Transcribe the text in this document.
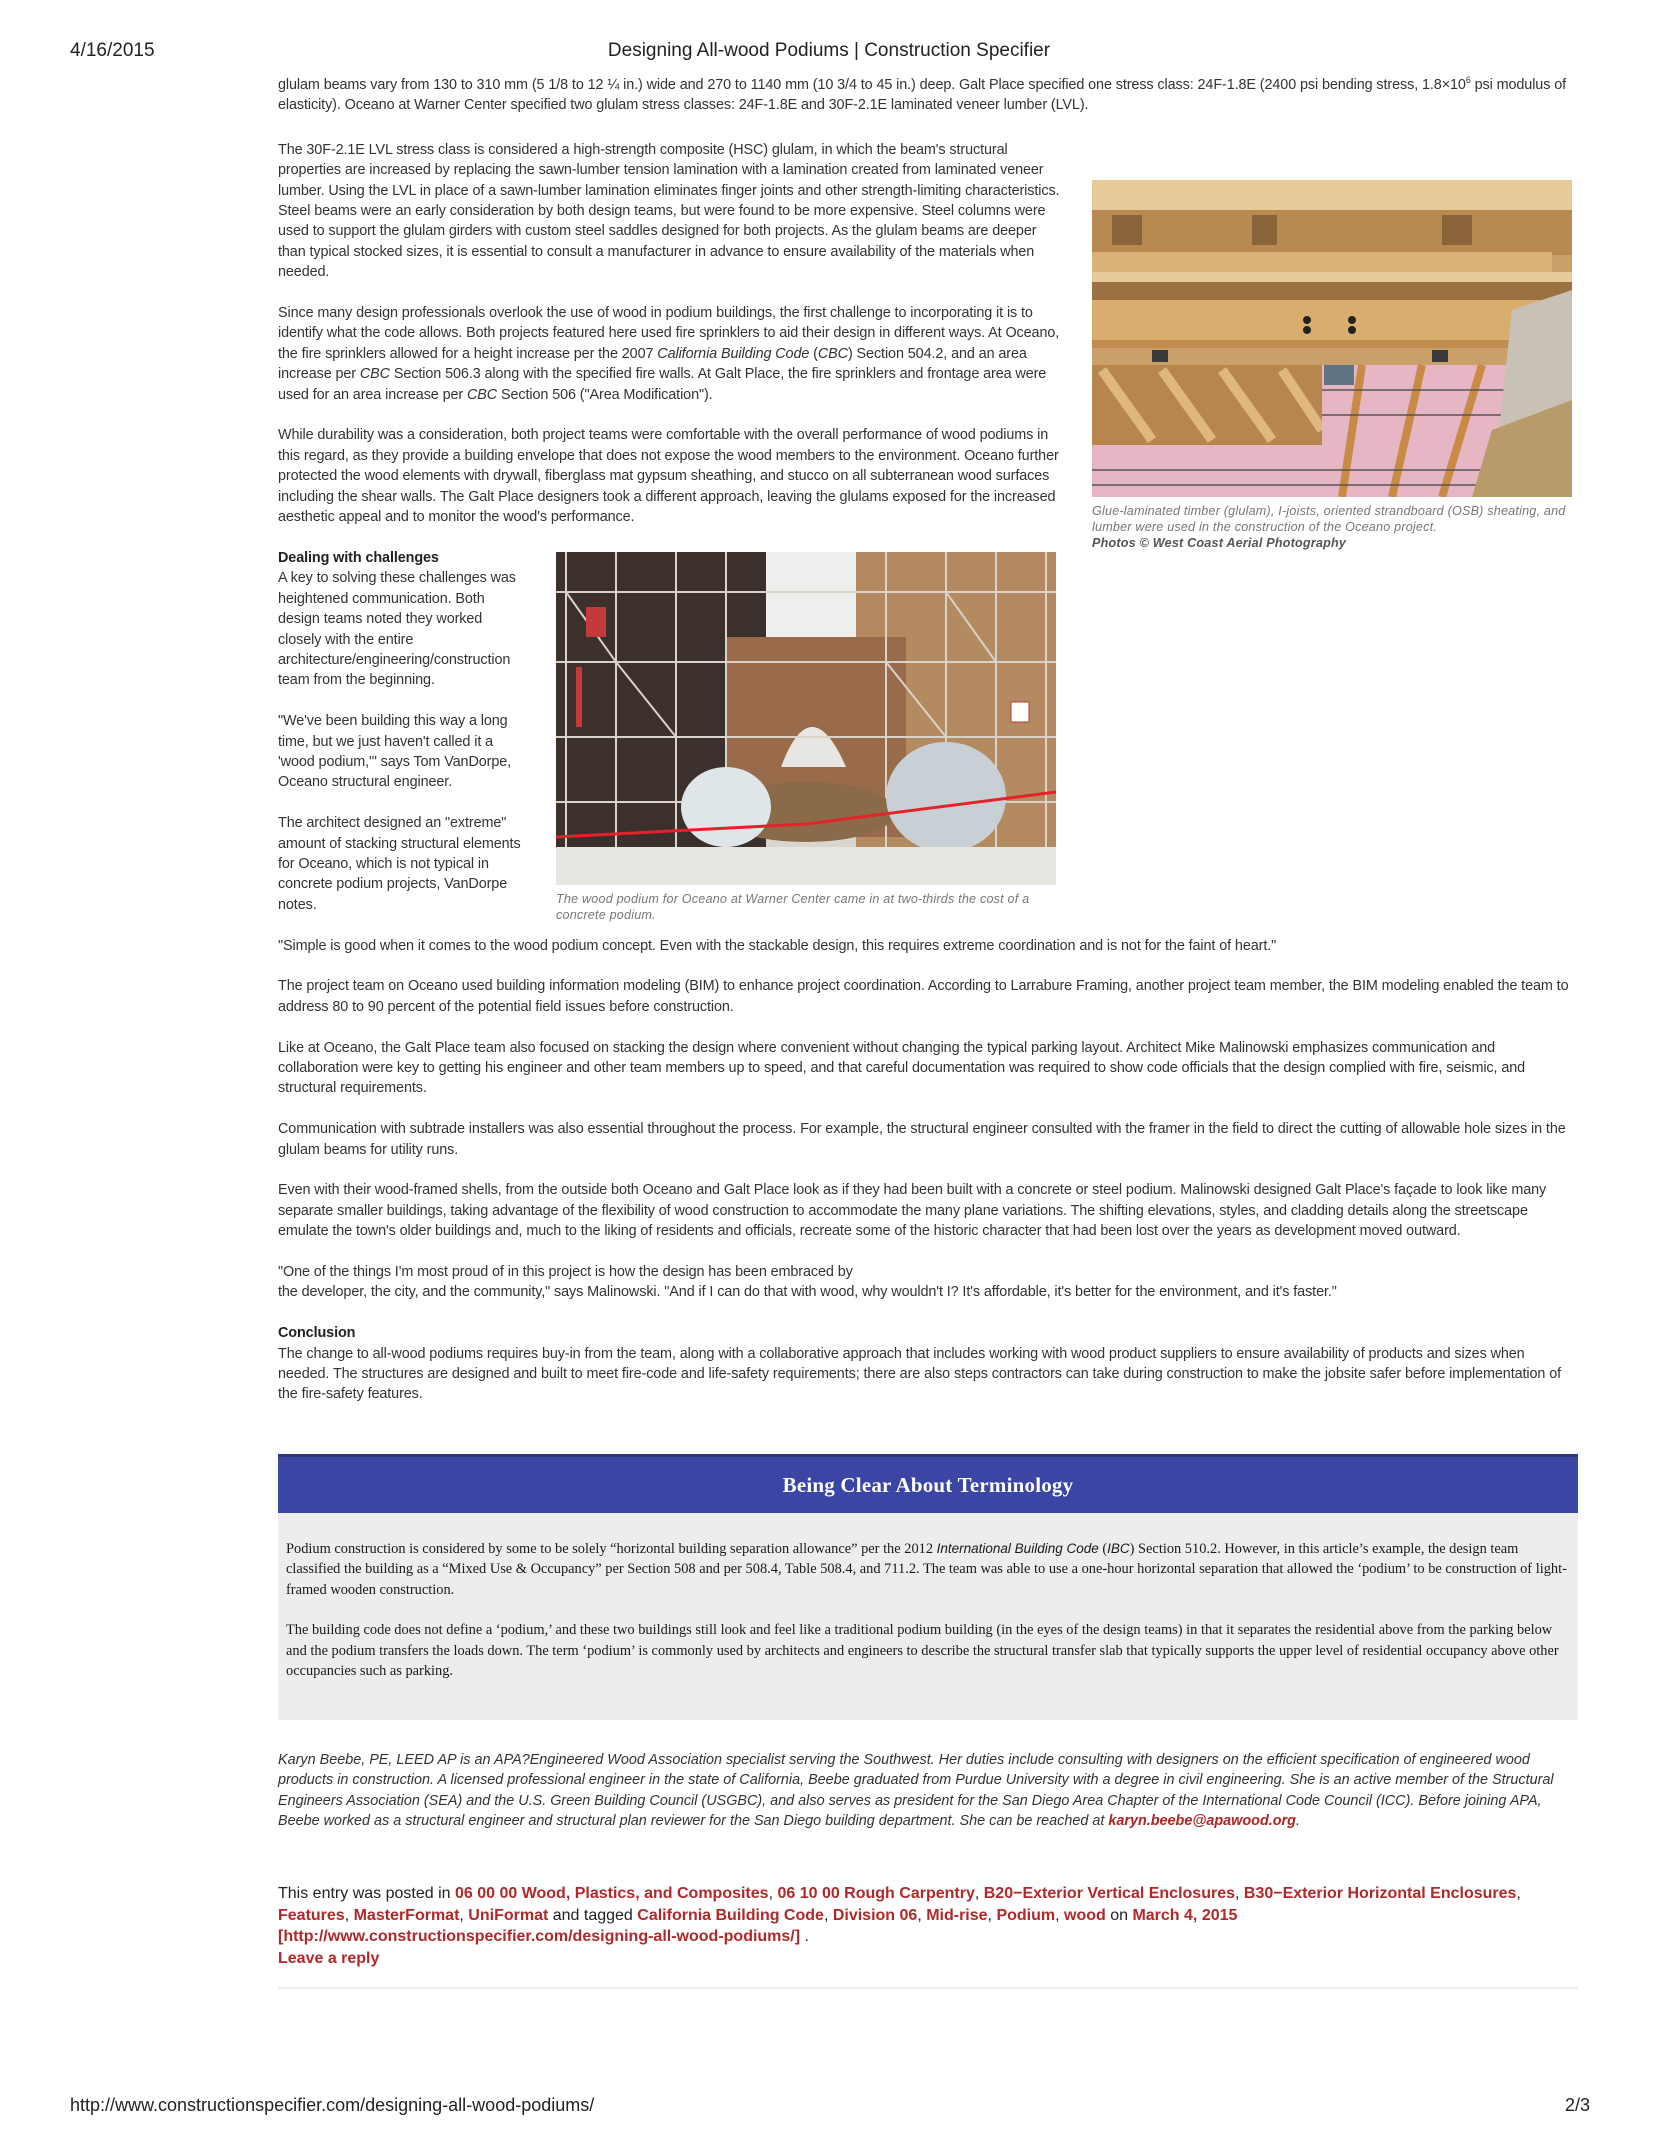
4/16/2015	Designing All-wood Podiums | Construction Specifier

glulam beams vary from 130 to 310 mm (5 1/8 to 12 ¼ in.) wide and 270 to 1140 mm (10 3/4 to 45 in.) deep. Galt Place specified one stress class: 24F-1.8E (2400 psi bending stress, $1.8\times 10^6$ psi modulus of elasticity). Oceano at Warner Center specified two glulam stress classes: 24F-1.8E and 30F-2.1E laminated veneer lumber (LVL).

Glue-laminated timber (glulam), I-joists, oriented strandboard (OSB) sheating, and lumber were used in the construction of the Oceano project.
Photos © West Coast Aerial Photography

The 30F-2.1E LVL stress class is considered a high-strength composite (HSC) glulam, in which the beam's structural properties are increased by replacing the sawn-lumber tension lamination with a lamination created from laminated veneer lumber. Using the LVL in place of a sawn-lumber lamination eliminates finger joints and other strength-limiting characteristics. Steel beams were an early consideration by both design teams, but were found to be more expensive. Steel columns were used to support the glulam girders with custom steel saddles designed for both projects. As the glulam beams are deeper than typical stocked sizes, it is essential to consult a manufacturer in advance to ensure availability of the materials when needed.

Since many design professionals overlook the use of wood in podium buildings, the first challenge to incorporating it is to identify what the code allows. Both projects featured here used fire sprinklers to aid their design in different ways. At Oceano, the fire sprinklers allowed for a height increase per the 2007 California Building Code (CBC) Section 504.2, and an area increase per CBC Section 506.3 along with the specified fire walls. At Galt Place, the fire sprinklers and frontage area were used for an area increase per CBC Section 506 ("Area Modification").

While durability was a consideration, both project teams were comfortable with the overall performance of wood podiums in this regard, as they provide a building envelope that does not expose the wood members to the environment. Oceano further protected the wood elements with drywall, fiberglass mat gypsum sheathing, and stucco on all subterranean wood surfaces including the shear walls. The Galt Place designers took a different approach, leaving the glulams exposed for the increased aesthetic appeal and to monitor the wood's performance.

The wood podium for Oceano at Warner Center came in at two-thirds the cost of a concrete podium.
Dealing with challenges

A key to solving these challenges was heightened communication. Both design teams noted they worked closely with the entire architecture/engineering/construction team from the beginning.

"We've been building this way a long time, but we just haven't called it a 'wood podium,'" says Tom VanDorpe, Oceano structural engineer.

The architect designed an "extreme" amount of stacking structural elements for Oceano, which is not typical in concrete podium projects, VanDorpe notes.

"Simple is good when it comes to the wood podium concept. Even with the stackable design, this requires extreme coordination and is not for the faint of heart."

The project team on Oceano used building information modeling (BIM) to enhance project coordination. According to Larrabure Framing, another project team member, the BIM modeling enabled the team to address 80 to 90 percent of the potential field issues before construction.

Like at Oceano, the Galt Place team also focused on stacking the design where convenient without changing the typical parking layout. Architect Mike Malinowski emphasizes communication and collaboration were key to getting his engineer and other team members up to speed, and that careful documentation was required to show code officials that the design complied with fire, seismic, and structural requirements.

Communication with subtrade installers was also essential throughout the process. For example, the structural engineer consulted with the framer in the field to direct the cutting of allowable hole sizes in the glulam beams for utility runs.

Even with their wood-framed shells, from the outside both Oceano and Galt Place look as if they had been built with a concrete or steel podium. Malinowski designed Galt Place's façade to look like many separate smaller buildings, taking advantage of the flexibility of wood construction to accommodate the many plane variations. The shifting elevations, styles, and cladding details along the streetscape emulate the town's older buildings and, much to the liking of residents and officials, recreate some of the historic character that had been lost over the years as development moved outward.

"One of the things I'm most proud of in this project is how the design has been embraced by
the developer, the city, and the community," says Malinowski. "And if I can do that with wood, why wouldn't I? It's affordable, it's better for the environment, and it's faster."

Conclusion

The change to all-wood podiums requires buy-in from the team, along with a collaborative approach that includes working with wood product suppliers to ensure availability of products and sizes when needed. The structures are designed and built to meet fire-code and life-safety requirements; there are also steps contractors can take during construction to make the jobsite safer before implementation of the fire-safety features.

Being Clear About Terminology

Podium construction is considered by some to be solely “horizontal building separation allowance” per the 2012 International Building Code (IBC) Section 510.2. However, in this article’s example, the design team classified the building as a “Mixed Use & Occupancy” per Section 508 and per 508.4, Table 508.4, and 711.2. The team was able to use a one-hour horizontal separation that allowed the ‘podium’ to be construction of light-framed wooden construction.

The building code does not define a ‘podium,’ and these two buildings still look and feel like a traditional podium building (in the eyes of the design teams) in that it separates the residential above from the parking below and the podium transfers the loads down. The term ‘podium’ is commonly used by architects and engineers to describe the structural transfer slab that typically supports the upper level of residential occupancy above other occupancies such as parking.

Karyn Beebe, PE, LEED AP is an APA?Engineered Wood Association specialist serving the Southwest. Her duties include consulting with designers on the efficient specification of engineered wood products in construction. A licensed professional engineer in the state of California, Beebe graduated from Purdue University with a degree in civil engineering. She is an active member of the Structural Engineers Association (SEA) and the U.S. Green Building Council (USGBC), and also serves as president for the San Diego Area Chapter of the International Code Council (ICC). Before joining APA, Beebe worked as a structural engineer and structural plan reviewer for the San Diego building department. She can be reached at karyn.beebe@apawood.org.
This entry was posted in 06 00 00 Wood, Plastics, and Composites, 06 10 00 Rough Carpentry, B20−Exterior Vertical Enclosures, B30−Exterior Horizontal Enclosures, Features, MasterFormat, UniFormat and tagged California Building Code, Division 06, Mid-rise, Podium, wood on March 4, 2015
[http://www.constructionspecifier.com/designing-all-wood-podiums/] .
Leave a reply
http://www.constructionspecifier.com/designing-all-wood-podiums/	2/3
